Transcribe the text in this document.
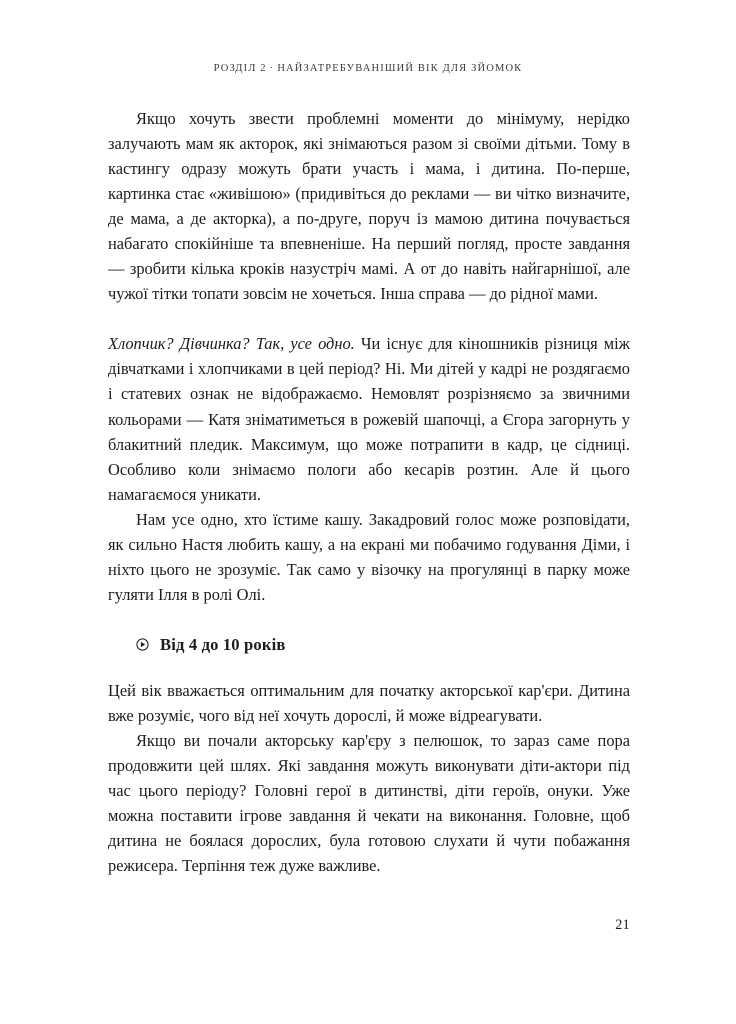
РОЗДІЛ 2 · НАЙЗАТРЕБУВАНІШИЙ ВІК ДЛЯ ЗЙОМОК

Якщо хочуть звести проблемні моменти до мінімуму, нерідко залучають мам як акторок, які знімаються разом зі своїми дітьми. Тому в кастингу одразу можуть брати участь і мама, і дитина. По-перше, картинка стає «живішою» (придивіться до реклами — ви чітко визначите, де мама, а де акторка), а по-друге, поруч із мамою дитина почувається набагато спокійніше та впевненіше. На перший погляд, просте завдання — зробити кілька кроків назустріч мамі. А от до навіть найгарнішої, але чужої тітки топати зовсім не хочеться. Інша справа — до рідної мами.

Хлопчик? Дівчинка? Так, усе одно. Чи існує для кіношників різниця між дівчатками і хлопчиками в цей період? Ні. Ми дітей у кадрі не роздягаємо і статевих ознак не відображаємо. Немовлят розрізняємо за звичними кольорами — Катя зніматиметься в рожевій шапочці, а Єгора загорнуть у блакитний пледик. Максимум, що може потрапити в кадр, це сідниці. Особливо коли знімаємо пологи або кесарів розтин. Але й цього намагаємося уникати.

Нам усе одно, хто їстиме кашу. Закадровий голос може розповідати, як сильно Настя любить кашу, а на екрані ми побачимо годування Діми, і ніхто цього не зрозуміє. Так само у візочку на прогулянці в парку може гуляти Ілля в ролі Олі.

Від 4 до 10 років

Цей вік вважається оптимальним для початку акторської кар'єри. Дитина вже розуміє, чого від неї хочуть дорослі, й може відреагувати.

Якщо ви почали акторську кар'єру з пелюшок, то зараз саме пора продовжити цей шлях. Які завдання можуть виконувати діти-актори під час цього періоду? Головні герої в дитинстві, діти героїв, онуки. Уже можна поставити ігрове завдання й чекати на виконання. Головне, щоб дитина не боялася дорослих, була готовою слухати й чути побажання режисера. Терпіння теж дуже важливе.

21
